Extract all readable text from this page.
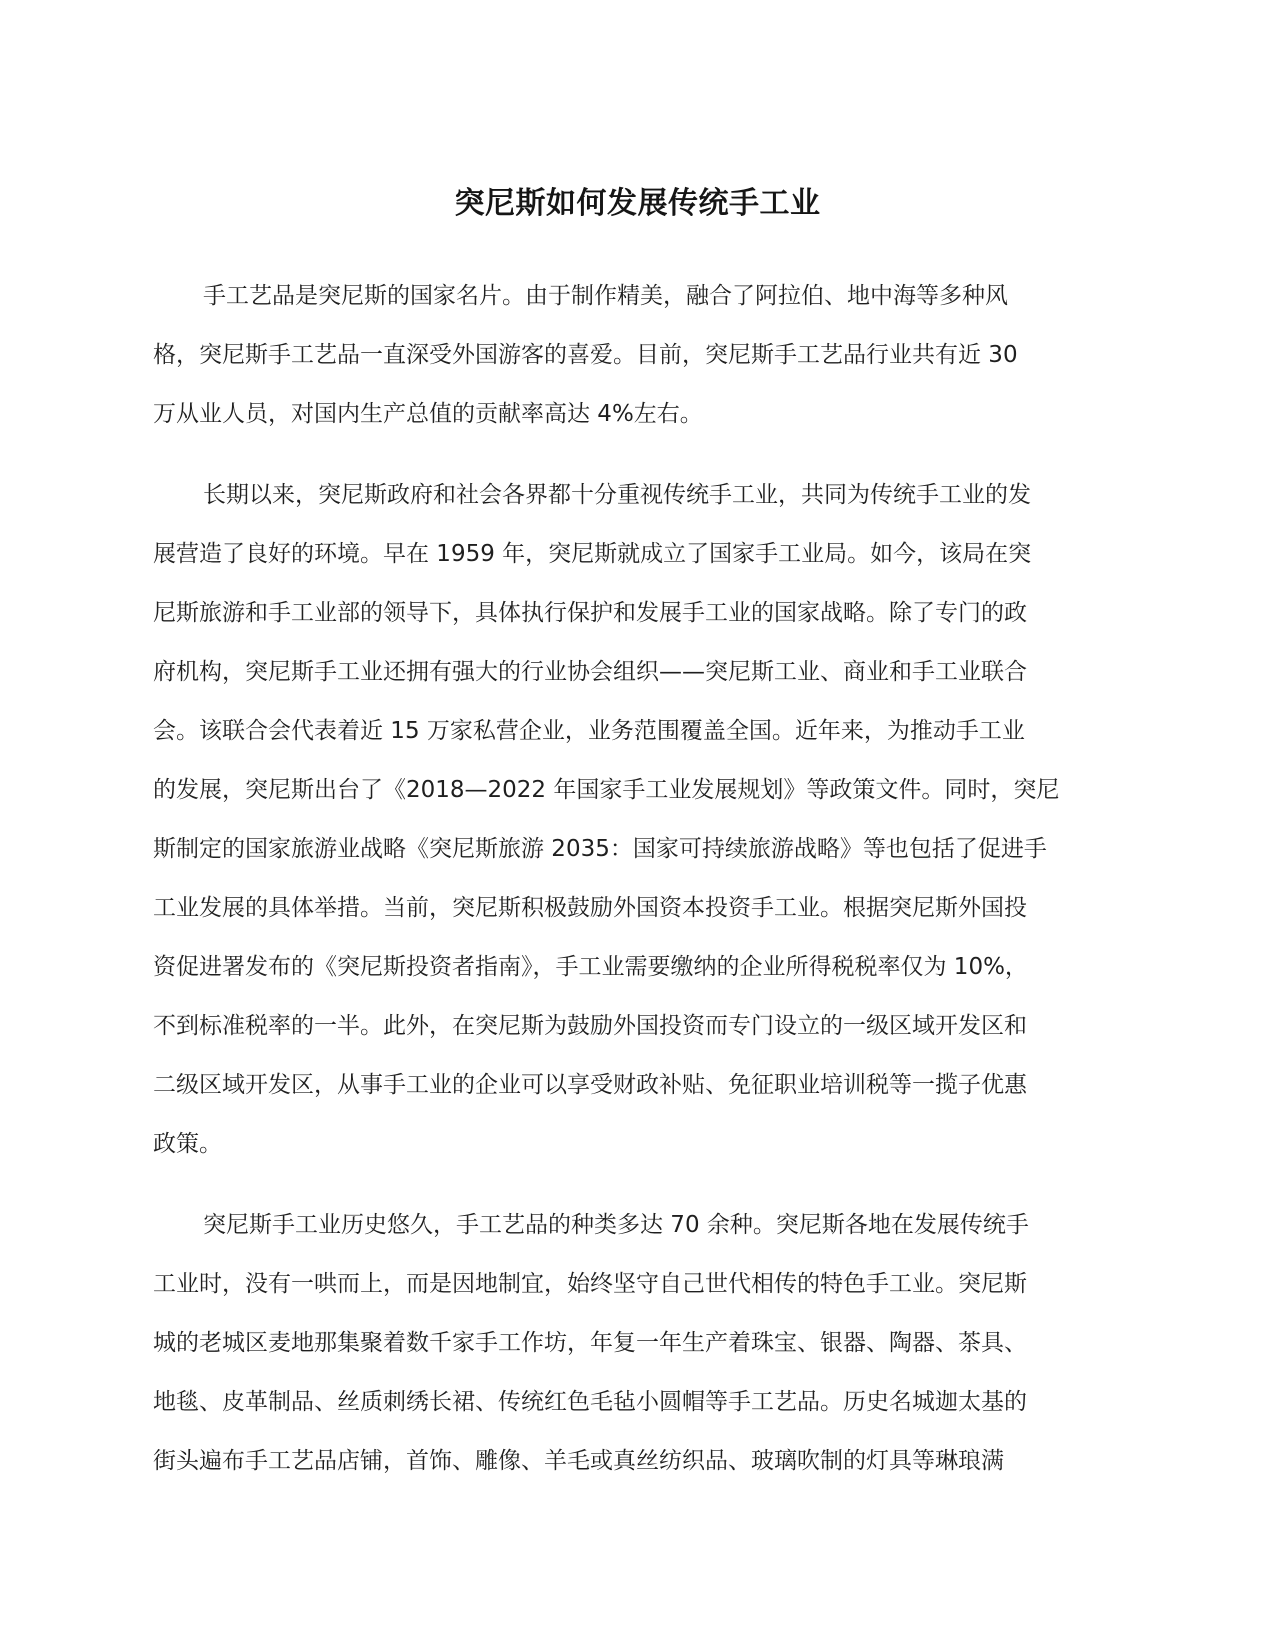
突尼斯如何发展传统手工业

手工艺品是突尼斯的国家名片。由于制作精美，融合了阿拉伯、地中海等多种风
格，突尼斯手工艺品一直深受外国游客的喜爱。目前，突尼斯手工艺品行业共有近 30
万从业人员，对国内生产总值的贡献率高达 4%左右。

长期以来，突尼斯政府和社会各界都十分重视传统手工业，共同为传统手工业的发
展营造了良好的环境。早在 1959 年，突尼斯就成立了国家手工业局。如今，该局在突
尼斯旅游和手工业部的领导下，具体执行保护和发展手工业的国家战略。除了专门的政
府机构，突尼斯手工业还拥有强大的行业协会组织——突尼斯工业、商业和手工业联合
会。该联合会代表着近 15 万家私营企业，业务范围覆盖全国。近年来，为推动手工业
的发展，突尼斯出台了《2018—2022 年国家手工业发展规划》等政策文件。同时，突尼
斯制定的国家旅游业战略《突尼斯旅游 2035：国家可持续旅游战略》等也包括了促进手
工业发展的具体举措。当前，突尼斯积极鼓励外国资本投资手工业。根据突尼斯外国投
资促进署发布的《突尼斯投资者指南》，手工业需要缴纳的企业所得税税率仅为 10%，
不到标准税率的一半。此外，在突尼斯为鼓励外国投资而专门设立的一级区域开发区和
二级区域开发区，从事手工业的企业可以享受财政补贴、免征职业培训税等一揽子优惠
政策。

突尼斯手工业历史悠久，手工艺品的种类多达 70 余种。突尼斯各地在发展传统手
工业时，没有一哄而上，而是因地制宜，始终坚守自己世代相传的特色手工业。突尼斯
城的老城区麦地那集聚着数千家手工作坊，年复一年生产着珠宝、银器、陶器、茶具、
地毯、皮革制品、丝质刺绣长裙、传统红色毛毡小圆帽等手工艺品。历史名城迦太基的
街头遍布手工艺品店铺，首饰、雕像、羊毛或真丝纺织品、玻璃吹制的灯具等琳琅满
